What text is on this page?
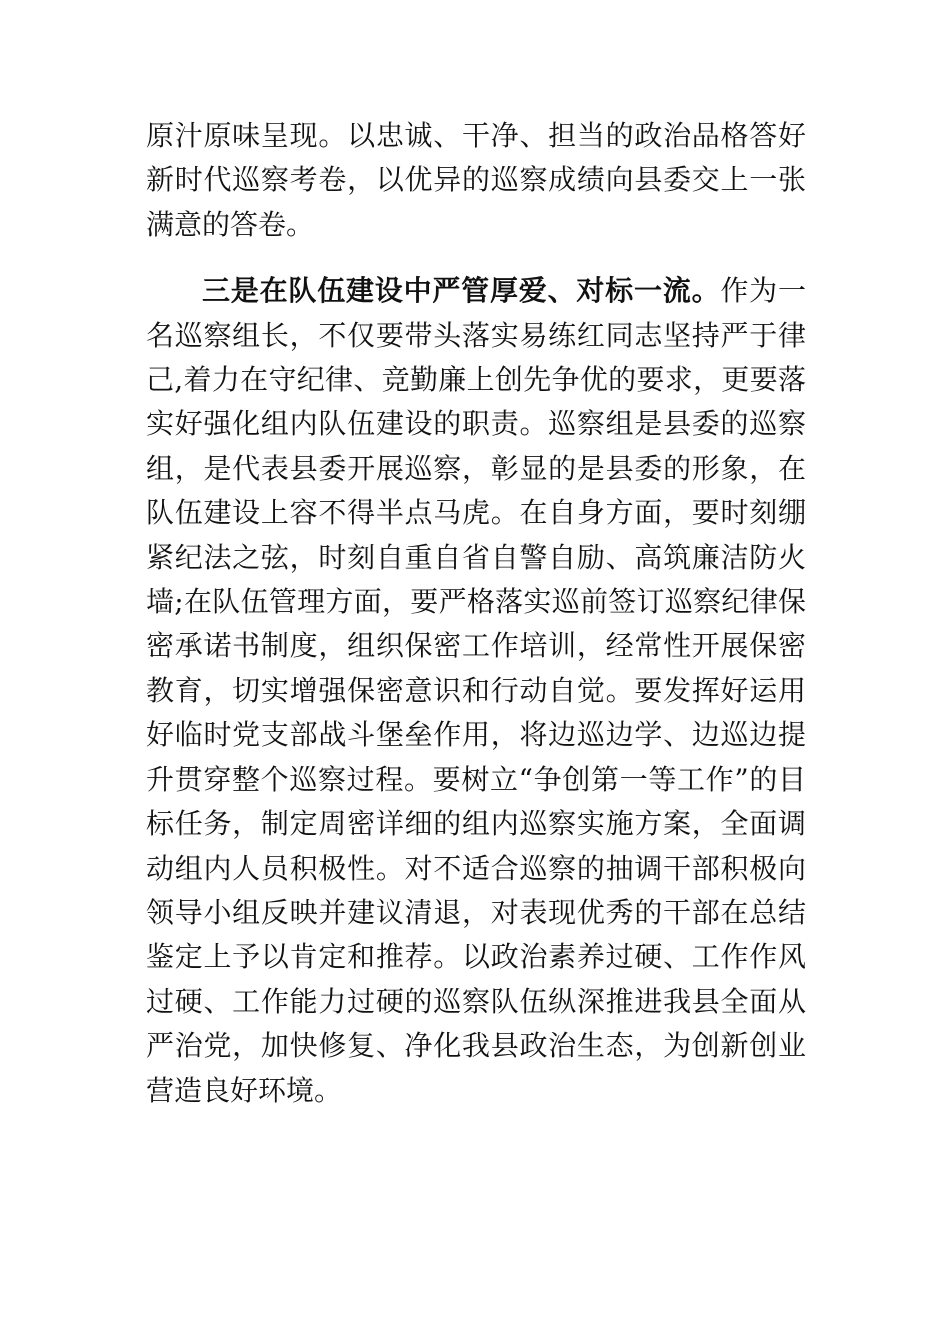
原汁原味呈现。以忠诚、干净、担当的政治品格答好新时代巡察考卷，以优异的巡察成绩向县委交上一张满意的答卷。

三是在队伍建设中严管厚爱、对标一流。作为一名巡察组长，不仅要带头落实易练红同志坚持严于律己,着力在守纪律、竞勤廉上创先争优的要求，更要落实好强化组内队伍建设的职责。巡察组是县委的巡察组，是代表县委开展巡察，彰显的是县委的形象，在队伍建设上容不得半点马虎。在自身方面，要时刻绷紧纪法之弦，时刻自重自省自警自励、高筑廉洁防火墙;在队伍管理方面，要严格落实巡前签订巡察纪律保密承诺书制度，组织保密工作培训，经常性开展保密教育，切实增强保密意识和行动自觉。要发挥好运用好临时党支部战斗堡垒作用，将边巡边学、边巡边提升贯穿整个巡察过程。要树立“争创第一等工作”的目标任务，制定周密详细的组内巡察实施方案，全面调动组内人员积极性。对不适合巡察的抽调干部积极向领导小组反映并建议清退，对表现优秀的干部在总结鉴定上予以肯定和推荐。以政治素养过硬、工作作风过硬、工作能力过硬的巡察队伍纵深推进我县全面从严治党，加快修复、净化我县政治生态，为创新创业营造良好环境。
